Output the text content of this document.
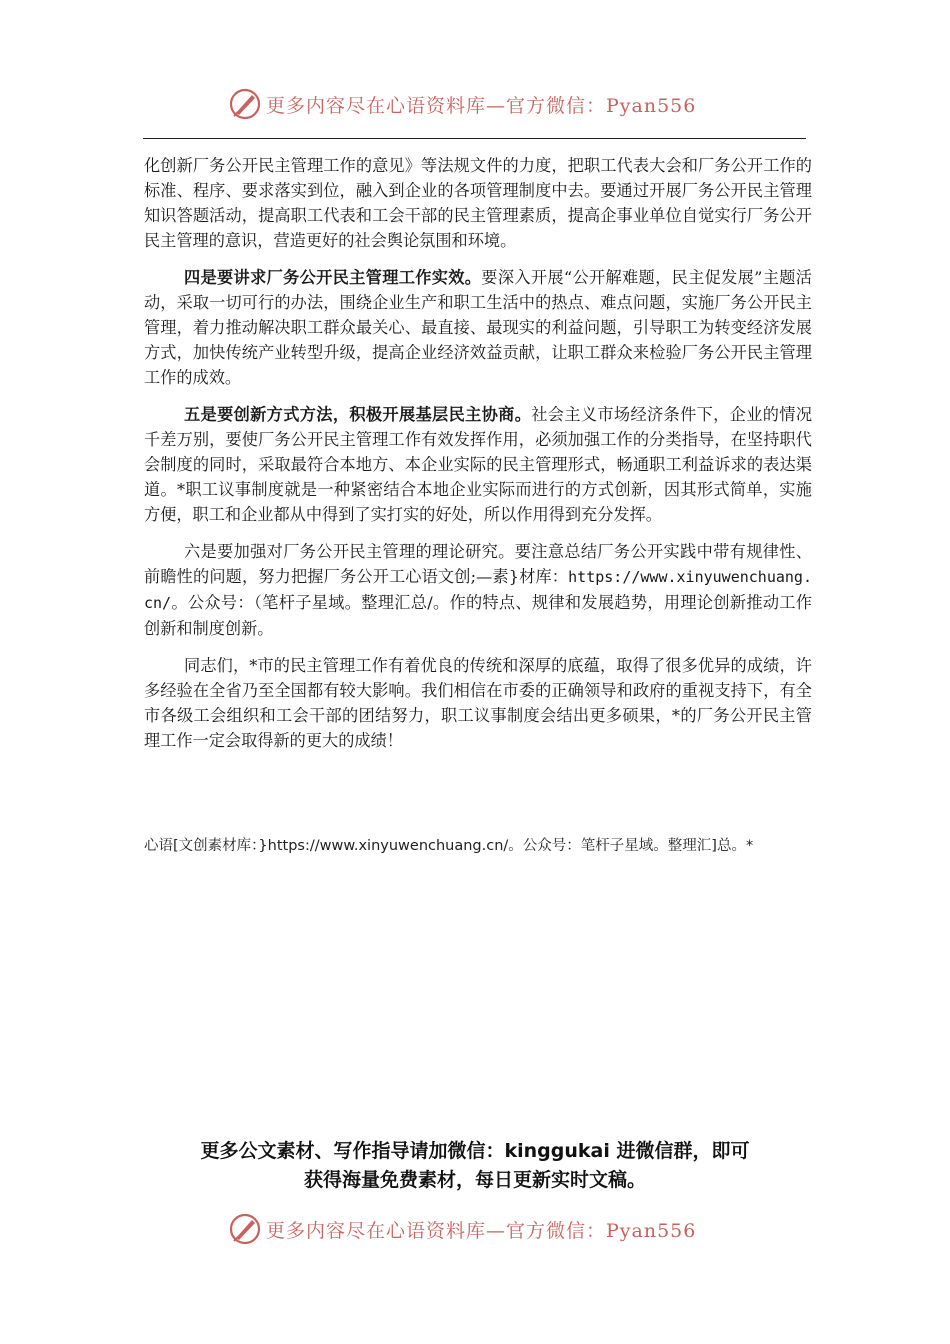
更多内容尽在心语资料库—官方微信：Pyan556

化创新厂务公开民主管理工作的意见》等法规文件的力度，把职工代表大会和厂务公开工作的标准、程序、要求落实到位，融入到企业的各项管理制度中去。要通过开展厂务公开民主管理知识答题活动，提高职工代表和工会干部的民主管理素质，提高企事业单位自觉实行厂务公开民主管理的意识，营造更好的社会舆论氛围和环境。

四是要讲求厂务公开民主管理工作实效。要深入开展“公开解难题，民主促发展”主题活动，采取一切可行的办法，围绕企业生产和职工生活中的热点、难点问题，实施厂务公开民主管理，着力推动解决职工群众最关心、最直接、最现实的利益问题，引导职工为转变经济发展方式，加快传统产业转型升级，提高企业经济效益贡献，让职工群众来检验厂务公开民主管理工作的成效。

五是要创新方式方法，积极开展基层民主协商。社会主义市场经济条件下，企业的情况千差万别，要使厂务公开民主管理工作有效发挥作用，必须加强工作的分类指导，在坚持职代会制度的同时，采取最符合本地方、本企业实际的民主管理形式，畅通职工利益诉求的表达渠道。*职工议事制度就是一种紧密结合本地企业实际而进行的方式创新，因其形式简单，实施方便，职工和企业都从中得到了实打实的好处，所以作用得到充分发挥。

六是要加强对厂务公开民主管理的理论研究。要注意总结厂务公开实践中带有规律性、前瞻性的问题，努力把握厂务公开工心语文创;—素}材库：https://www.xinyuwenchuang.cn/。公众号：（笔杆子星域。整理汇总/。作的特点、规律和发展趋势，用理论创新推动工作创新和制度创新。

同志们，*市的民主管理工作有着优良的传统和深厚的底蕴，取得了很多优异的成绩，许多经验在全省乃至全国都有较大影响。我们相信在市委的正确领导和政府的重视支持下，有全市各级工会组织和工会干部的团结努力，职工议事制度会结出更多硕果，*的厂务公开民主管理工作一定会取得新的更大的成绩！

心语[文创素材库：}https://www.xinyuwenchuang.cn/。公众号：笔杆子星域。整理汇]总。*
更多公文素材、写作指导请加微信：kinggukai 进微信群，即可
获得海量免费素材，每日更新实时文稿。
更多内容尽在心语资料库—官方微信：Pyan556
